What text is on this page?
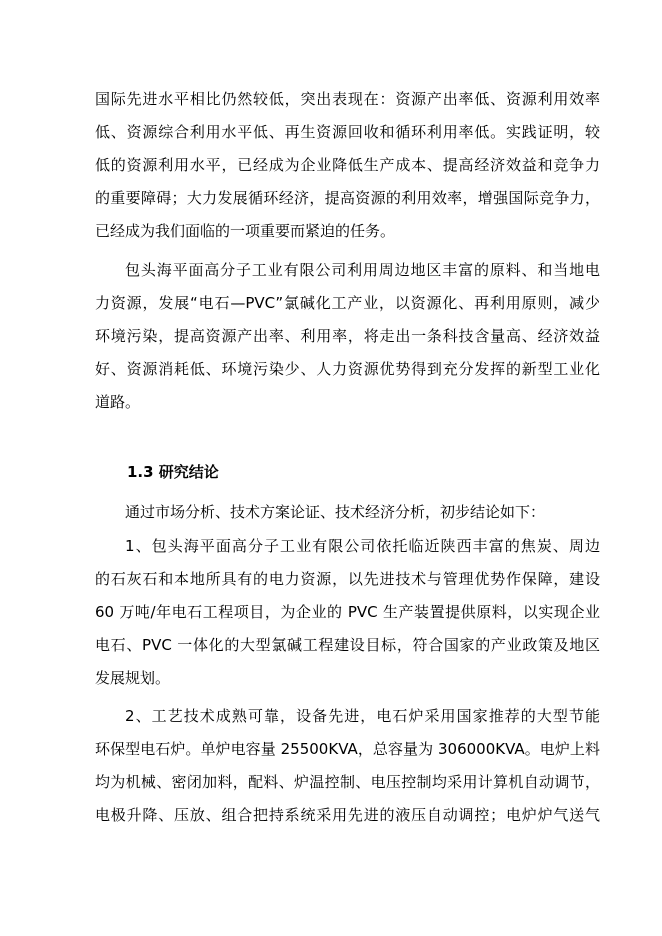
国际先进水平相比仍然较低，突出表现在：资源产出率低、资源利用效率
低、资源综合利用水平低、再生资源回收和循环利用率低。实践证明，较
低的资源利用水平，已经成为企业降低生产成本、提高经济效益和竞争力
的重要障碍；大力发展循环经济，提高资源的利用效率，增强国际竞争力，
已经成为我们面临的一项重要而紧迫的任务。
包头海平面高分子工业有限公司利用周边地区丰富的原料、和当地电
力资源，发展“电石—PVC”氯碱化工产业，以资源化、再利用原则，减少
环境污染，提高资源产出率、利用率，将走出一条科技含量高、经济效益
好、资源消耗低、环境污染少、人力资源优势得到充分发挥的新型工业化
道路。
1.3 研究结论
通过市场分析、技术方案论证、技术经济分析，初步结论如下：
1、包头海平面高分子工业有限公司依托临近陕西丰富的焦炭、周边
的石灰石和本地所具有的电力资源，以先进技术与管理优势作保障，建设
60 万吨/年电石工程项目，为企业的 PVC 生产装置提供原料，以实现企业
电石、PVC 一体化的大型氯碱工程建设目标，符合国家的产业政策及地区
发展规划。
2、工艺技术成熟可靠，设备先进，电石炉采用国家推荐的大型节能
环保型电石炉。单炉电容量 25500KVA，总容量为 306000KVA。电炉上料
均为机械、密闭加料，配料、炉温控制、电压控制均采用计算机自动调节，
电极升降、压放、组合把持系统采用先进的液压自动调控；电炉炉气送气
